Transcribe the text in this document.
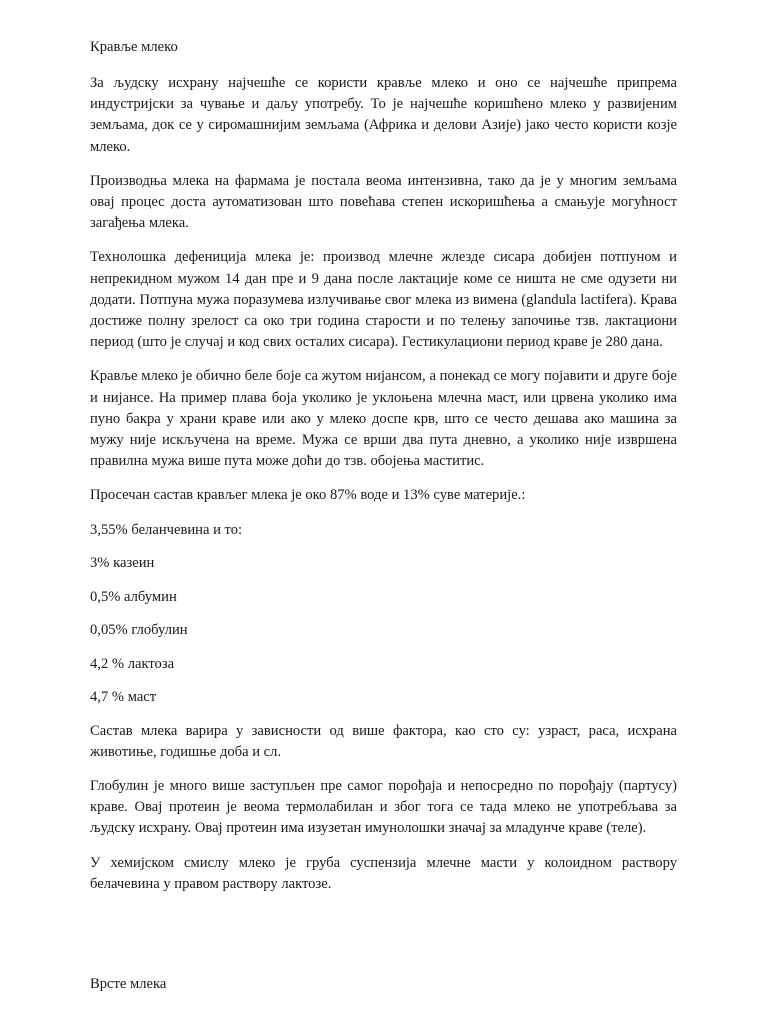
Крављe млеко

За људску исхрану најчешће се користи крављe млеко и оно се најчешће припрема индустријски за чување и даљу употребу. То је најчешће коришћено млеко у развијеним земљама, док се у сиромашнијим земљама (Африка и делови Азије) јако често користи козје млеко.

Производња млека на фармама је постала веома интензивна, тако да је у многим земљама овај процес доста аутоматизован што повећава степен искоришћења а смањује могућност загађења млека.

Технолошка дефеницијa млека је: производ млечне жлезде сисара добијен потпуном и непрекидном мужом 14 дан пре и 9 дана после лактације коме се ништа не сме одузети ни додати. Потпуна мужа поразумева излучивање свог млека из вимена (glandula lactifera). Крава достиже полну зрелост са око три година старости и по телењу започиње тзв. лактациони период (што је случај и код свих осталих сисара). Гестикулациони период краве је 280 дана.

Крављe млеко је обично беле боје са жутом нијансом, а понекад се могу појавити и друге боје и нијансе. На пример плава боја уколико је уклоњена млечна маст, или црвена уколико има пуно бакра у храни краве или ако у млеко доспе крв, што се често дешава ако машина за мужу није искључена на време. Мужа се врши два пута дневно, а уколико није извршена правилна мужа више пута може доћи до тзв. обојења маститис.

Просечан састав крављег млека је око 87% воде и 13% суве материје.:

3,55% беланчевина и то:

3% казеин

0,5% албумин

0,05% глобулин

4,2 % лактоза

4,7 % маст

Састав млека варира у зависности од више фактора, као сто су: узраст, раса, исхрана животиње, годишње доба и сл.

Глобулин је много више заступљен пре самог порођаја и непосредно по порођају (партусу) краве. Овај протеин је веома термолабилан и због тога се тада млеко не употребљава за људску исхрану. Овај протеин има изузетан имунолошки значај за младунче краве (теле).

У хемијском смислу млеко је груба суспензија млечне масти у колоидном раствору белачевина у правом раствору лактозе.

Врсте млека
